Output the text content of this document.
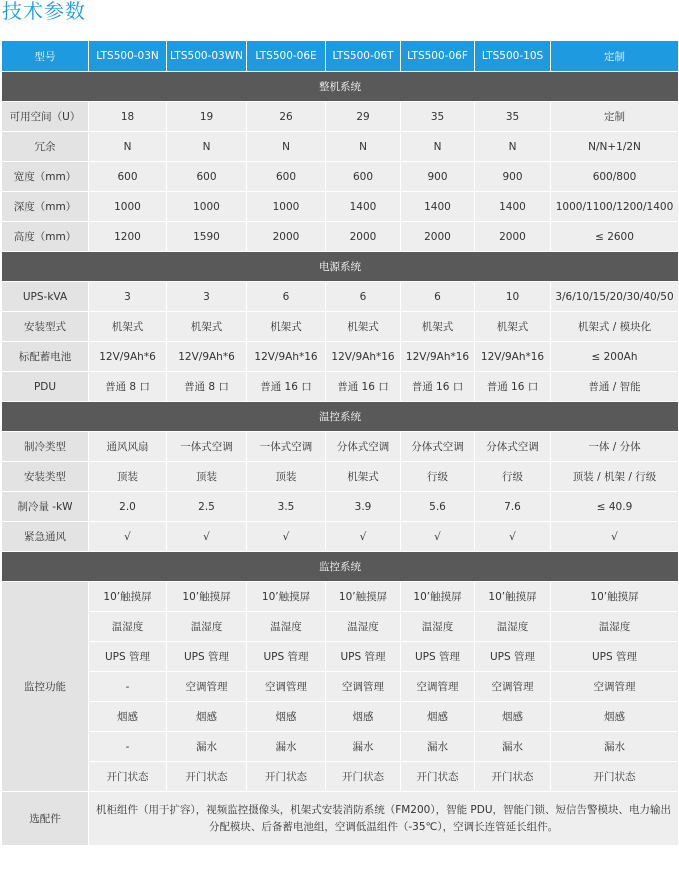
技术参数
型号	LTS500-03N	LTS500-03WN	LTS500-06E	LTS500-06T	LTS500-06F	LTS500-10S	定制
整机系统							
可用空间（U）	18	19	26	29	35	35	定制
冗余	N	N	N	N	N	N	N/N+1/2N
宽度（mm）	600	600	600	600	900	900	600/800
深度（mm）	1000	1000	1000	1400	1400	1400	1000/1100/1200/1400
高度（mm）	1200	1590	2000	2000	2000	2000	≤ 2600
电源系统							
UPS-kVA	3	3	6	6	6	10	3/6/10/15/20/30/40/50
安装型式	机架式	机架式	机架式	机架式	机架式	机架式	机架式 / 模块化
标配蓄电池	12V/9Ah*6	12V/9Ah*6	12V/9Ah*16	12V/9Ah*16	12V/9Ah*16	12V/9Ah*16	≤ 200Ah
PDU	普通 8 口	普通 8 口	普通 16 口	普通 16 口	普通 16 口	普通 16 口	普通 / 智能
温控系统							
制冷类型	通风风扇	一体式空调	一体式空调	分体式空调	分体式空调	分体式空调	一体 / 分体
安装类型	顶装	顶装	顶装	机架式	行级	行级	顶装 / 机架 / 行级
制冷量 -kW	2.0	2.5	3.5	3.9	5.6	7.6	≤ 40.9
紧急通风	√	√	√	√	√	√	√
监控系统							
监控功能	10’触摸屏	10’触摸屏	10’触摸屏	10’触摸屏	10’触摸屏	10’触摸屏	10’触摸屏
	温湿度	温湿度	温湿度	温湿度	温湿度	温湿度	温湿度
	UPS 管理	UPS 管理	UPS 管理	UPS 管理	UPS 管理	UPS 管理	UPS 管理
	-	空调管理	空调管理	空调管理	空调管理	空调管理	空调管理
	烟感	烟感	烟感	烟感	烟感	烟感	烟感
	-	漏水	漏水	漏水	漏水	漏水	漏水
	开门状态	开门状态	开门状态	开门状态	开门状态	开门状态	开门状态
选配件	机柜组件（用于扩容），视频监控摄像头，机架式安装消防系统（FM200），智能 PDU，智能门锁、短信告警模块、电力输出分配模块、后备蓄电池组，空调低温组件（-35℃），空调长连管延长组件。						
